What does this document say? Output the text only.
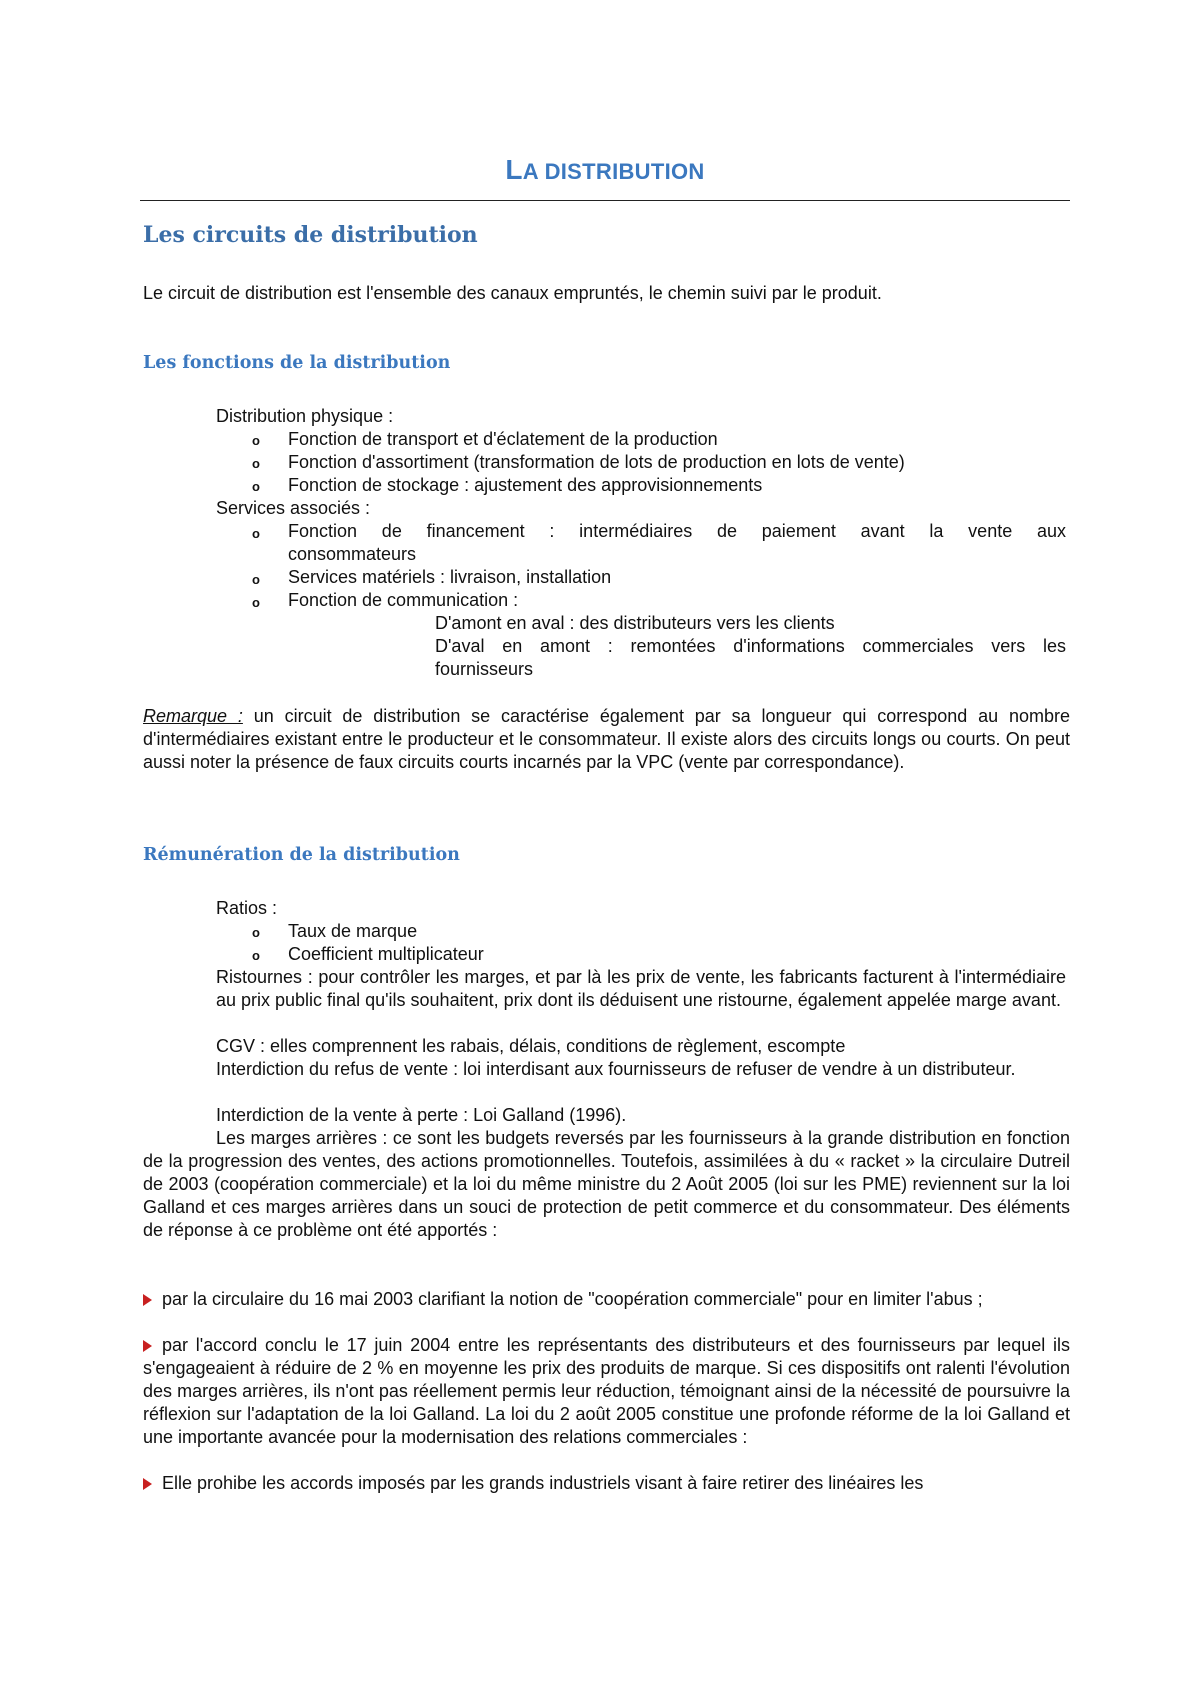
LA DISTRIBUTION
Les circuits de distribution
Le circuit de distribution est l'ensemble des canaux empruntés, le chemin suivi par le produit.
Les fonctions de la distribution
Distribution physique :
o Fonction de transport et d'éclatement de la production
o Fonction d'assortiment (transformation de lots de production en lots de vente)
o Fonction de stockage : ajustement des approvisionnements
Services associés :
o Fonction de financement : intermédiaires de paiement avant la vente aux
consommateurs
o Services matériels : livraison, installation
o Fonction de communication :
D'amont en aval : des distributeurs vers les clients
D'aval en amont : remontées d'informations commerciales vers les
fournisseurs
Remarque : un circuit de distribution se caractérise également par sa longueur qui correspond au nombre d'intermédiaires existant entre le producteur et le consommateur. Il existe alors des circuits longs ou courts. On peut aussi noter la présence de faux circuits courts incarnés par la VPC (vente par correspondance).
Rémunération de la distribution
Ratios :
o Taux de marque
o Coefficient multiplicateur
Ristournes : pour contrôler les marges, et par là les prix de vente, les fabricants facturent à l'intermédiaire au prix public final qu'ils souhaitent, prix dont ils déduisent une ristourne, également appelée marge avant.
CGV : elles comprennent les rabais, délais, conditions de règlement, escompte
Interdiction du refus de vente : loi interdisant aux fournisseurs de refuser de vendre à un distributeur.
Interdiction de la vente à perte : Loi Galland (1996).
Les marges arrières : ce sont les budgets reversés par les fournisseurs à la grande distribution en fonction de la progression des ventes, des actions promotionnelles. Toutefois, assimilées à du « racket » la circulaire Dutreil de 2003 (coopération commerciale) et la loi du même ministre du 2 Août 2005 (loi sur les PME) reviennent sur la loi Galland et ces marges arrières dans un souci de protection de petit commerce et du consommateur. Des éléments de réponse à ce problème ont été apportés :
par la circulaire du 16 mai 2003 clarifiant la notion de "coopération commerciale" pour en limiter l'abus ;
par l'accord conclu le 17 juin 2004 entre les représentants des distributeurs et des fournisseurs par lequel ils s'engageaient à réduire de 2 % en moyenne les prix des produits de marque. Si ces dispositifs ont ralenti l'évolution des marges arrières, ils n'ont pas réellement permis leur réduction, témoignant ainsi de la nécessité de poursuivre la réflexion sur l'adaptation de la loi Galland. La loi du 2 août 2005 constitue une profonde réforme de la loi Galland et une importante avancée pour la modernisation des relations commerciales :
Elle prohibe les accords imposés par les grands industriels visant à faire retirer des linéaires les
